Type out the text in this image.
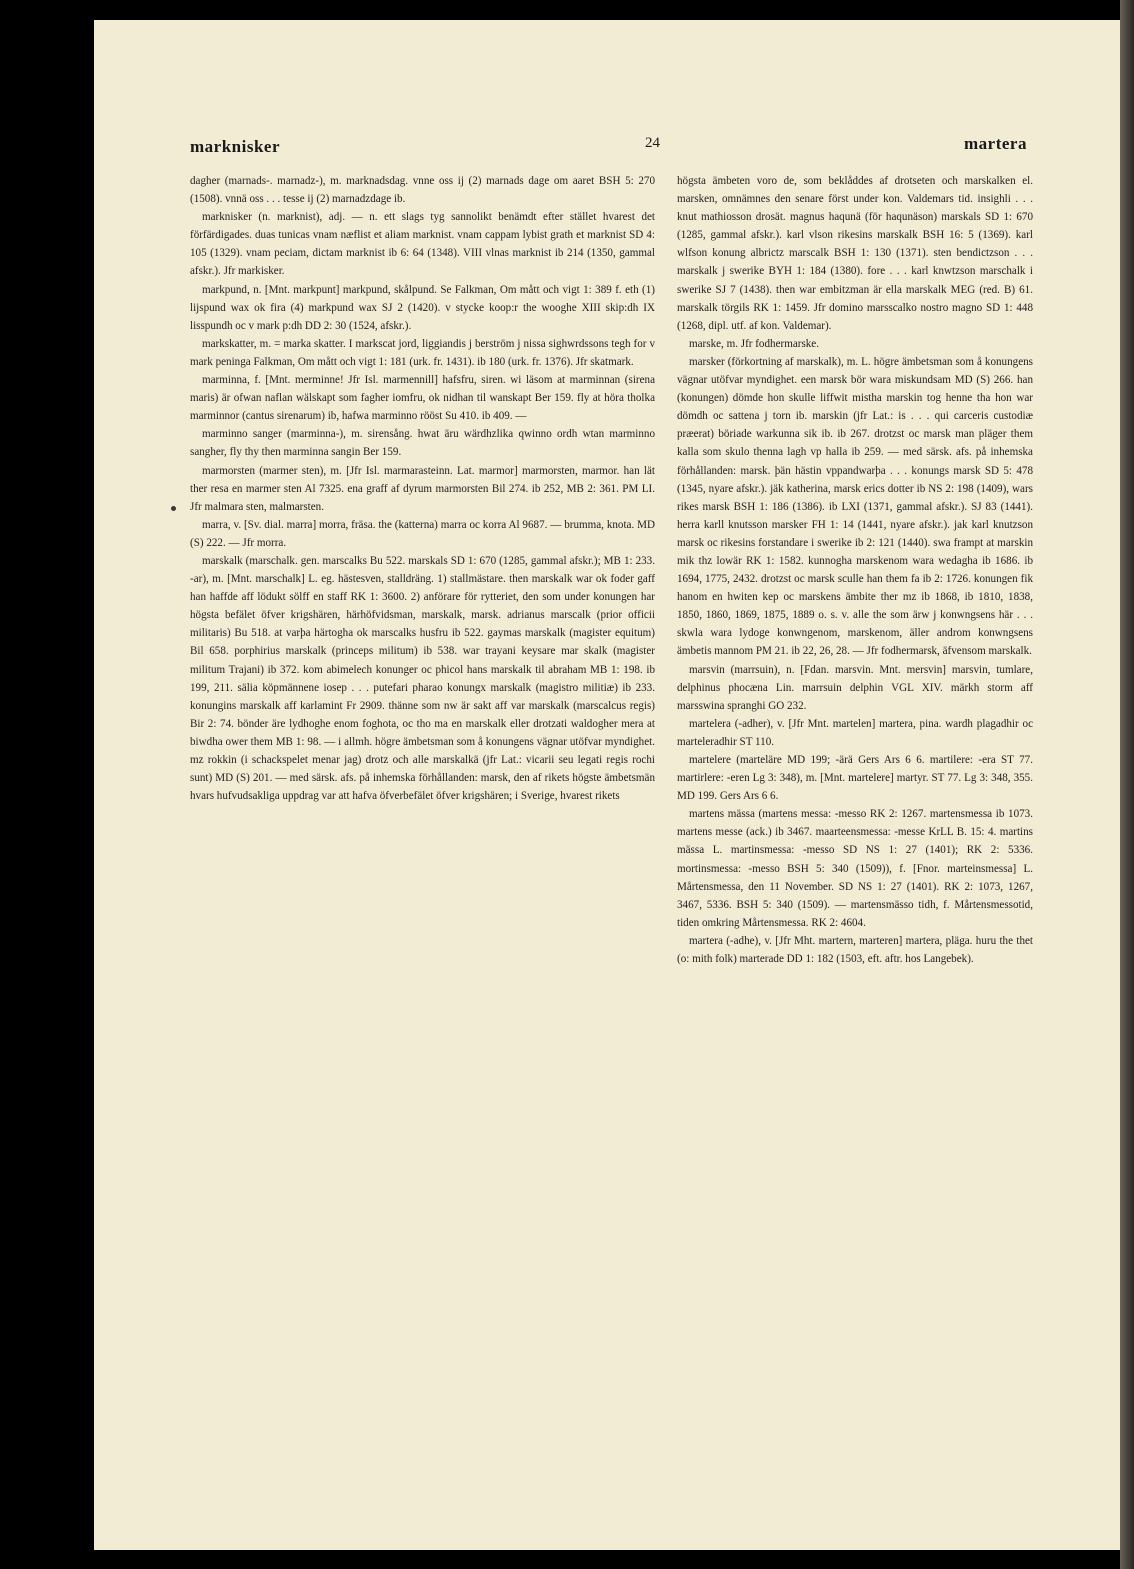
marknisker	24	martera

dagher (marnads-. marnadz-), m. marknadsdag. vnne oss ij (2) marnads dage om aaret BSH 5: 270 (1508). vnnä oss . . . tesse ij (2) marnadzdage ib.

marknisker (n. marknist), adj. — n. ett slags tyg sannolikt benämdt efter stället hvarest det förfärdigades. duas tunicas vnam næflist et aliam marknist. vnam cappam lybist grath et marknist SD 4: 105 (1329). vnam peciam, dictam marknist ib 6: 64 (1348). VIII vlnas marknist ib 214 (1350, gammal afskr.). Jfr markisker.

markpund, n. [Mnt. markpunt] markpund, skålpund. Se Falkman, Om mått och vigt 1: 389 f. eth (1) lijspund wax ok fira (4) markpund wax SJ 2 (1420). v stycke koop:r the wooghe XIII skip:dh IX lisspundh oc v mark p:dh DD 2: 30 (1524, afskr.).

markskatter, m. = marka skatter. I markscat jord, liggiandis j berström j nissa sighwrdssons tegh for v mark peninga Falkman, Om mått och vigt 1: 181 (urk. fr. 1431). ib 180 (urk. fr. 1376). Jfr skatmark.

marminna, f. [Mnt. merminne! Jfr Isl. marmennill] hafsfru, siren. wi läsom at marminnan (sirena maris) är ofwan naflan wälskapt som fagher iomfru, ok nidhan til wanskapt Ber 159. fly at höra tholka marminnor (cantus sirenarum) ib, hafwa marminno rööst Su 410. ib 409. —

marminno sanger (marminna-), m. sirensång. hwat äru wärdhzlika qwinno ordh wtan marminno sangher, fly thy then marminna sangin Ber 159.

marmorsten (marmer sten), m. [Jfr Isl. marmarasteinn. Lat. marmor] marmorsten, marmor. han lät ther resa en marmer sten Al 7325. ena graff af dyrum marmorsten Bil 274. ib 252, MB 2: 361. PM LI. Jfr malmara sten, malmarsten.

marra, v. [Sv. dial. marra] morra, fräsa. the (katterna) marra oc korra Al 9687. — brumma, knota. MD (S) 222. — Jfr morra.

marskalk (marschalk. gen. marscalks Bu 522. marskals SD 1: 670 (1285, gammal afskr.); MB 1: 233. -ar), m. [Mnt. marschalk] L. eg. hästesven, stalldräng. 1) stallmästare. then marskalk war ok foder gaff han haffde aff lödukt sölff en staff RK 1: 3600. 2) anförare för rytteriet, den som under konungen har högsta befälet öfver krigshären, härhöfvidsman, marskalk, marsk. adrianus marscalk (prior officii militaris) Bu 518. at varþa härtogha ok marscalks husfru ib 522. gaymas marskalk (magister equitum) Bil 658. porphirius marskalk (princeps militum) ib 538. war trayani keysare mar skalk (magister militum Trajani) ib 372. kom abimelech konunger oc phicol hans marskalk til abraham MB 1: 198. ib 199, 211. sälia köpmännene iosep . . . putefari pharao konungx marskalk (magistro militiæ) ib 233. konungins marskalk aff karlamint Fr 2909. thänne som nw är sakt aff var marskalk (marscalcus regis) Bir 2: 74. bönder äre lydhoghe enom foghota, oc tho ma en marskalk eller drotzati waldogher mera at biwdha ower them MB 1: 98. — i allmh. högre ämbetsman som å konungens vägnar utöfvar myndighet. mz rokkin (i schackspelet menar jag) drotz och alle marskalkä (jfr Lat.: vicarii seu legati regis rochi sunt) MD (S) 201. — med särsk. afs. på inhemska förhållanden: marsk, den af rikets högste ämbetsmän hvars hufvudsakliga uppdrag var att hafva öfverbefälet öfver krigshären; i Sverige, hvarest rikets

högsta ämbeten voro de, som beklåddes af drotseten och marskalken el. marsken, omnämnes den senare först under kon. Valdemars tid. insighli . . . knut mathiosson drosät. magnus haqunä (för haqunäson) marskals SD 1: 670 (1285, gammal afskr.). karl vlson rikesins marskalk BSH 16: 5 (1369). karl wlfson konung albrictz marscalk BSH 1: 130 (1371). sten bendictzson . . . marskalk j swerike BYH 1: 184 (1380). fore . . . karl knwtzson marschalk i swerike SJ 7 (1438). then war embitzman är ella marskalk MEG (red. B) 61. marskalk törgils RK 1: 1459. Jfr domino marsscalko nostro magno SD 1: 448 (1268, dipl. utf. af kon. Valdemar).

marske, m. Jfr fodhermarske.

marsker (förkortning af marskalk), m. L. högre ämbetsman som å konungens vägnar utöfvar myndighet. een marsk bör wara miskundsam MD (S) 266. han (konungen) dömde hon skulle liffwit mistha marskin tog henne tha hon war dömdh oc sattena j torn ib. marskin (jfr Lat.: is . . . qui carceris custodiæ præerat) böriade warkunna sik ib. ib 267. drotzst oc marsk man pläger them kalla som skulo thenna lagh vp halla ib 259. — med särsk. afs. på inhemska förhållanden: marsk. þän hästin vppandwarþa . . . konungs marsk SD 5: 478 (1345, nyare afskr.). jäk katherina, marsk erics dotter ib NS 2: 198 (1409), wars rikes marsk BSH 1: 186 (1386). ib LXI (1371, gammal afskr.). SJ 83 (1441). herra karll knutsson marsker FH 1: 14 (1441, nyare afskr.). jak karl knutzson marsk oc rikesins forstandare i swerike ib 2: 121 (1440). swa frampt at marskin mik thz lowär RK 1: 1582. kunnogha marskenom wara wedagha ib 1686. ib 1694, 1775, 2432. drotzst oc marsk sculle han them fa ib 2: 1726. konungen fik hanom en hwiten kep oc marskens ämbite ther mz ib 1868, ib 1810, 1838, 1850, 1860, 1869, 1875, 1889 o. s. v. alle the som ärw j konwngsens här . . . skwla wara lydoge konwngenom, marskenom, äller androm konwngsens ämbetis mannom PM 21. ib 22, 26, 28. — Jfr fodhermarsk, äfvensom marskalk.

marsvin (marrsuin), n. [Fdan. marsvin. Mnt. mersvin] marsvin, tumlare, delphinus phocæna Lin. marrsuin delphin VGL XIV. märkh storm aff marsswina spranghi GO 232.

martelera (-adher), v. [Jfr Mnt. martelen] martera, pina. wardh plagadhir oc marteleradhir ST 110.

martelere (marteläre MD 199; -ärä Gers Ars 6 6. martilere: -era ST 77. martirlere: -eren Lg 3: 348), m. [Mnt. martelere] martyr. ST 77. Lg 3: 348, 355. MD 199. Gers Ars 6 6.

martens mässa (martens messa: -messo RK 2: 1267. martensmessa ib 1073. martens messe (ack.) ib 3467. maarteensmessa: -messe KrLL B. 15: 4. martins mässa L. martinsmessa: -messo SD NS 1: 27 (1401); RK 2: 5336. mortinsmessa: -messo BSH 5: 340 (1509)), f. [Fnor. marteinsmessa] L. Mårtensmessa, den 11 November. SD NS 1: 27 (1401). RK 2: 1073, 1267, 3467, 5336. BSH 5: 340 (1509). — martensmässo tidh, f. Mårtensmessotid, tiden omkring Mårtensmessa. RK 2: 4604.

martera (-adhe), v. [Jfr Mht. martern, marteren] martera, pläga. huru the thet (o: mith folk) marterade DD 1: 182 (1503, eft. aftr. hos Langebek).
